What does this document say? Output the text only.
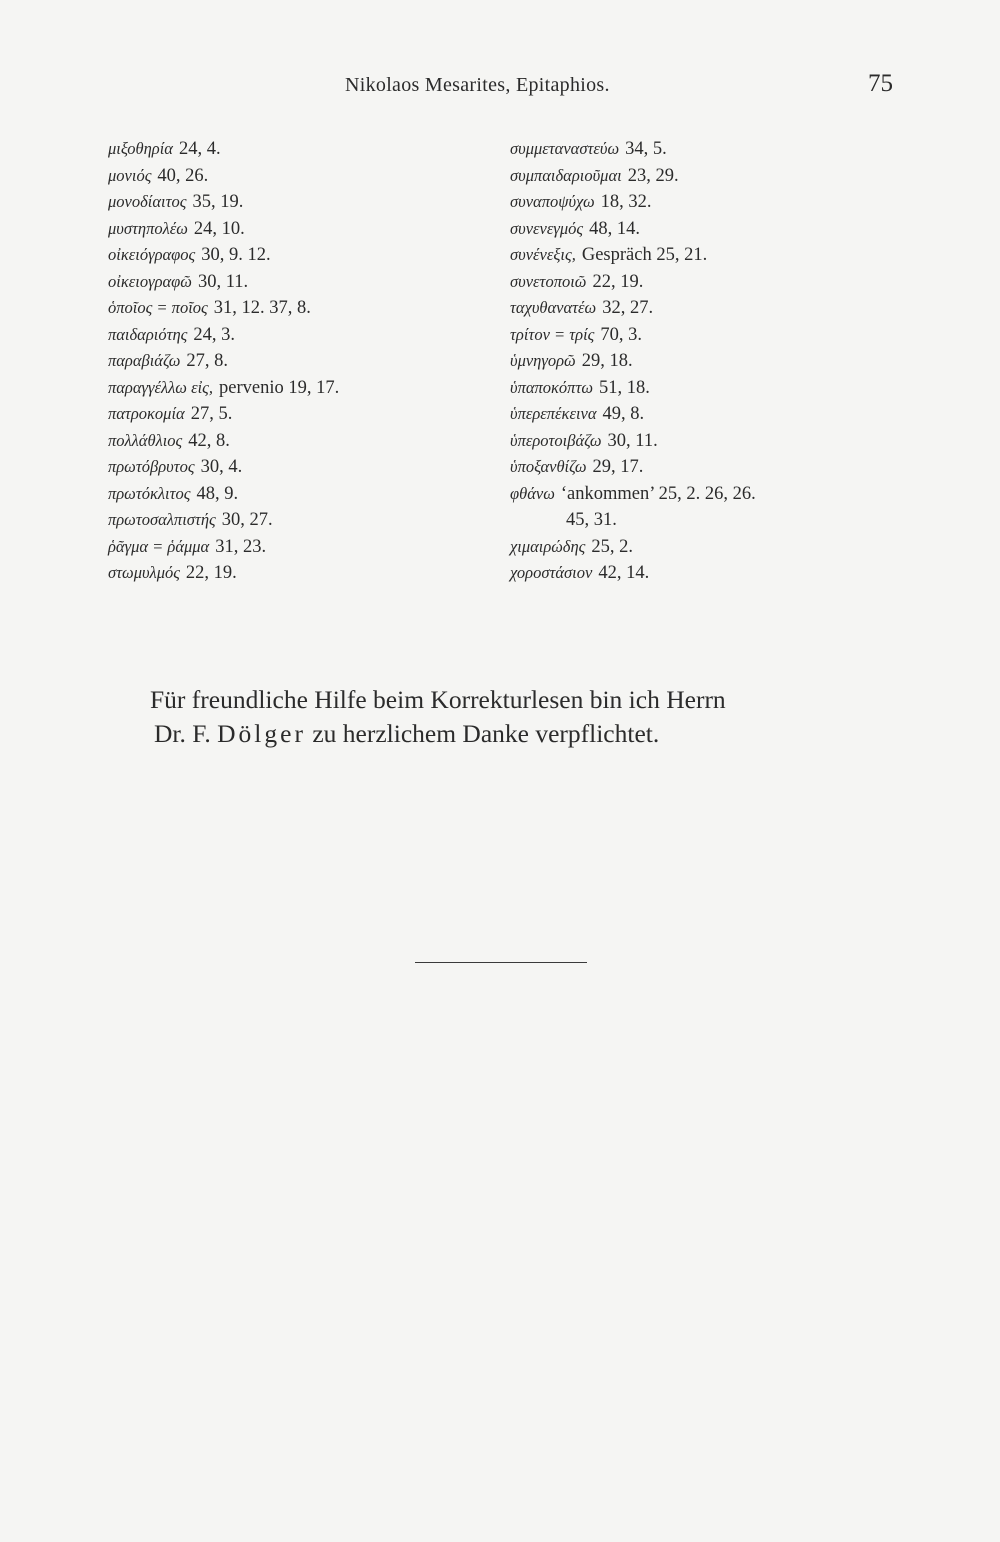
Nikolaos Mesarites, Epitaphios.	75
μιξοθηρία 24, 4.
μονιός 40, 26.
μονοδίαιτος 35, 19.
μυστηπολέω 24, 10.
οἰκειόγραφος 30, 9. 12.
οἰκειογραφῶ 30, 11.
ὁποῖος = ποῖος 31, 12. 37, 8.
παιδαριότης 24, 3.
παραβιάζω 27, 8.
παραγγέλλω εἰς, pervenio 19, 17.
πατροκομία 27, 5.
πολλάθλιος 42, 8.
πρωτόβρυτος 30, 4.
πρωτόκλιτος 48, 9.
πρωτοσαλπιστής 30, 27.
ῥᾶγμα = ῥάμμα 31, 23.
στωμυλμός 22, 19.
συμμεταναστεύω 34, 5.
συμπαιδαριοῦμαι 23, 29.
συναποψύχω 18, 32.
συνενεγμός 48, 14.
συνένεξις, Gespräch 25, 21.
συνετοποιῶ 22, 19.
ταχυθανατέω 32, 27.
τρίτον = τρίς 70, 3.
ὑμνηγορῶ 29, 18.
ὑπαποκόπτω 51, 18.
ὑπερεπέκεινα 49, 8.
ὑπεροτοιβάζω 30, 11.
ὑποξανθίζω 29, 17.
φθάνω ‘ankommen’ 25, 2. 26, 26.
45, 31.
χιμαιρώδης 25, 2.
χοροστάσιον 42, 14.
Für freundliche Hilfe beim Korrekturlesen bin ich Herrn
Dr. F. Dölger zu herzlichem Danke verpflichtet.
